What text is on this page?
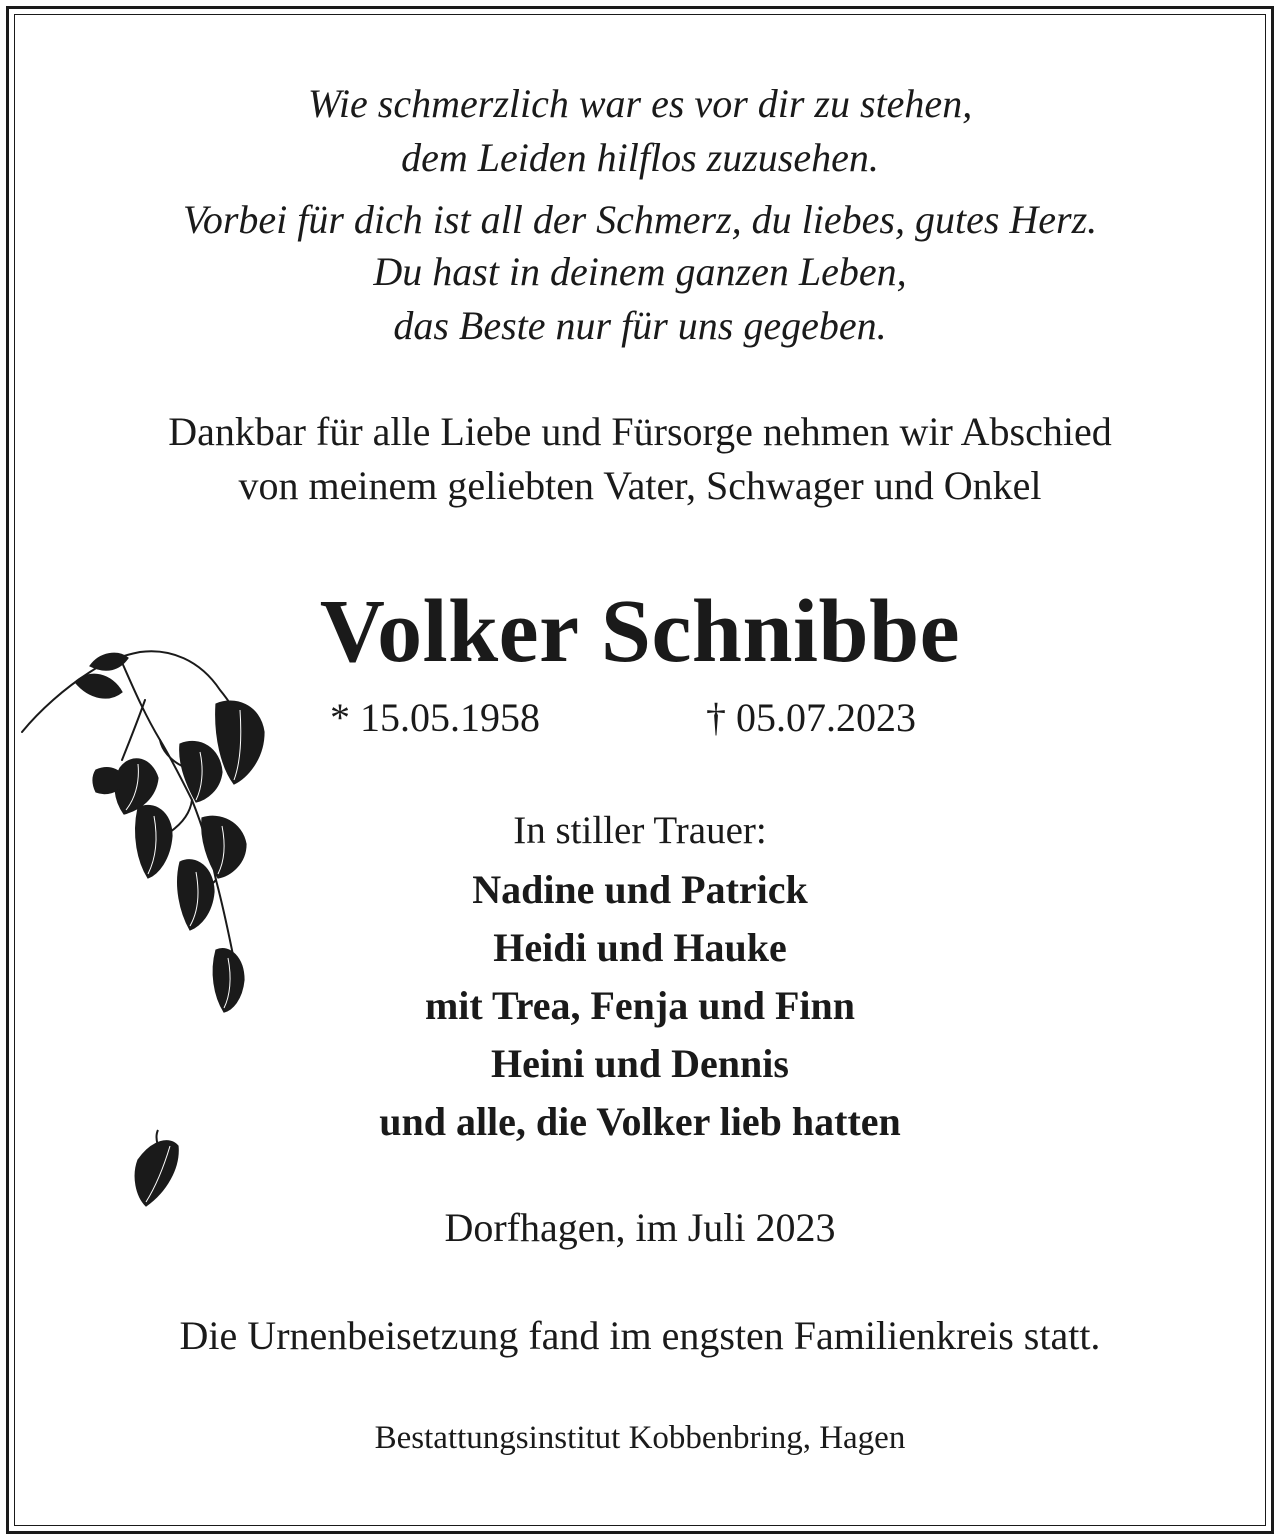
Wie schmerzlich war es vor dir zu stehen,
dem Leiden hilflos zuzusehen.
Vorbei für dich ist all der Schmerz, du liebes, gutes Herz.
Du hast in deinem ganzen Leben,
das Beste nur für uns gegeben.
Dankbar für alle Liebe und Fürsorge nehmen wir Abschied
von meinem geliebten Vater, Schwager und Onkel
Volker Schnibbe
* 15.05.1958	† 05.07.2023
In stiller Trauer:
Nadine und Patrick
Heidi und Hauke
mit Trea, Fenja und Finn
Heini und Dennis
und alle, die Volker lieb hatten
Dorfhagen, im Juli 2023
Die Urnenbeisetzung fand im engsten Familienkreis statt.
Bestattungsinstitut Kobbenbring, Hagen
